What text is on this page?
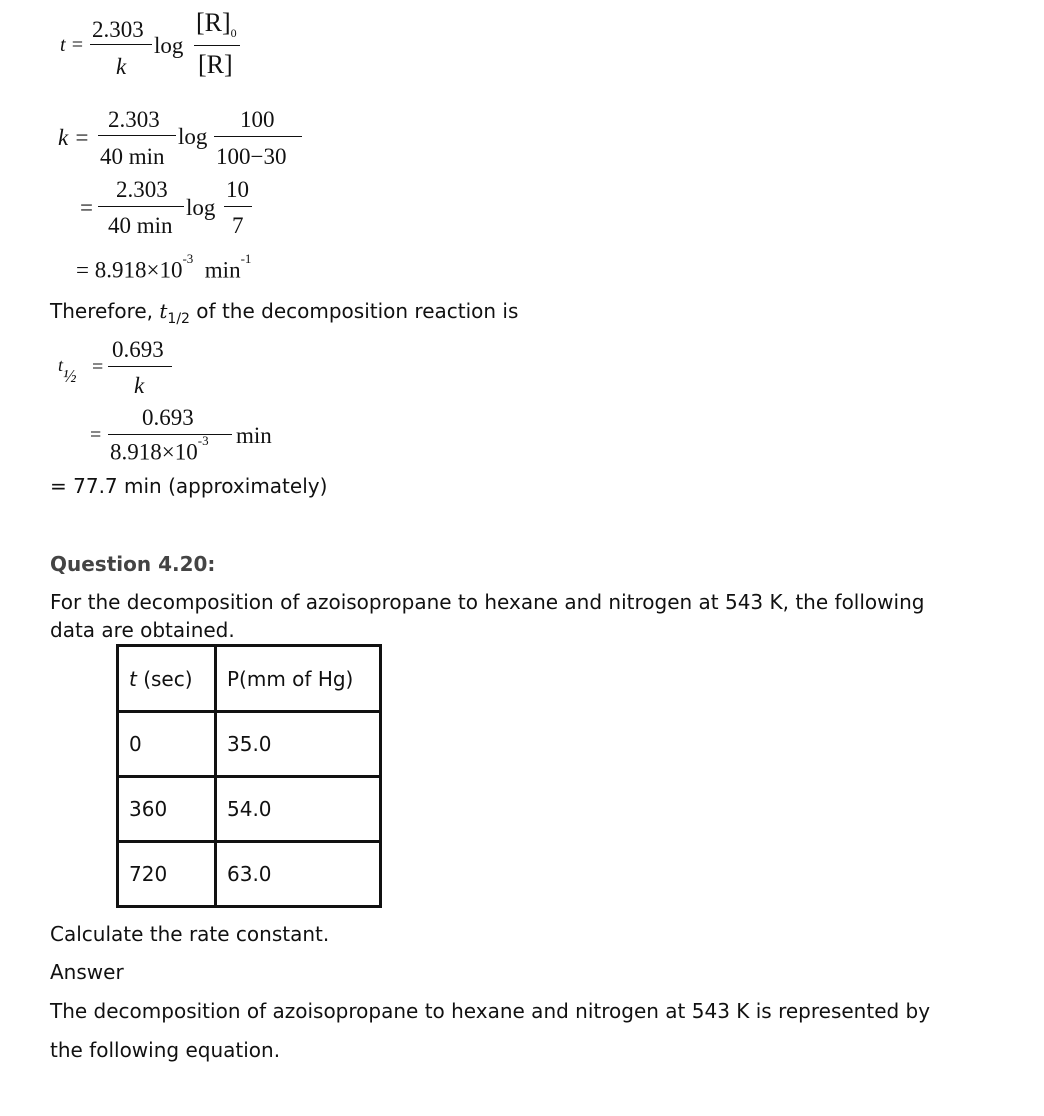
t =
2.303
k
log
$[R]_0$
[R]
k =
2.303
40 min
log
100
100−30
=
2.303
40 min
log
10
7
= $8.918\times 10^{-3}$ $\min^{-1}$
Therefore, $t_{1/2}$ of the decomposition reaction is
$t_{\frac{1}{2}}$ =
0.693
k
=
0.693
$8.918\times 10^{-3}$ min
= 77.7 min (approximately)
Question 4.20:
For the decomposition of azoisopropane to hexane and nitrogen at 543 K, the following
data are obtained.
t (sec)	P(mm of Hg)
0	35.0
360	54.0
720	63.0
Calculate the rate constant.
Answer
The decomposition of azoisopropane to hexane and nitrogen at 543 K is represented by
the following equation.
